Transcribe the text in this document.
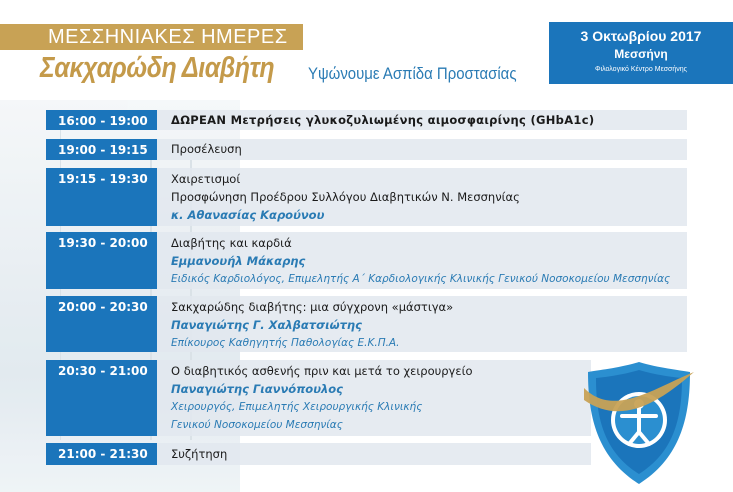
ΜΕΣΣΗΝΙΑΚΕΣ ΗΜΕΡΕΣ
Σακχαρώδη Διαβήτη Υψώνουμε Ασπίδα Προστασίας
3 Οκτωβρίου 2017
Μεσσήνη
Φιλολογικό Κέντρο Μεσσήνης
16:00 - 19:00	ΔΩΡΕΑΝ Μετρήσεις γλυκοζυλιωμένης αιμοσφαιρίνης (GHbA1c)
19:00 - 19:15	Προσέλευση
19:15 - 19:30	Χαιρετισμοί
Προσφώνηση Προέδρου Συλλόγου Διαβητικών Ν. Μεσσηνίας
κ. Αθανασίας Καρούνου
19:30 - 20:00	Διαβήτης και καρδιά
Εμμανουήλ Μάκαρης
Ειδικός Καρδιολόγος, Επιμελητής Α΄ Καρδιολογικής Κλινικής Γενικού Νοσοκομείου Μεσσηνίας
20:00 - 20:30	Σακχαρώδης διαβήτης: μια σύγχρονη «μάστιγα»
Παναγιώτης Γ. Χαλβατσιώτης
Επίκουρος Καθηγητής Παθολογίας Ε.Κ.Π.Α.
20:30 - 21:00	Ο διαβητικός ασθενής πριν και μετά το χειρουργείο
Παναγιώτης Γιαννόπουλος
Χειρουργός, Επιμελητής Χειρουργικής Κλινικής
Γενικού Νοσοκομείου Μεσσηνίας
21:00 - 21:30	Συζήτηση
